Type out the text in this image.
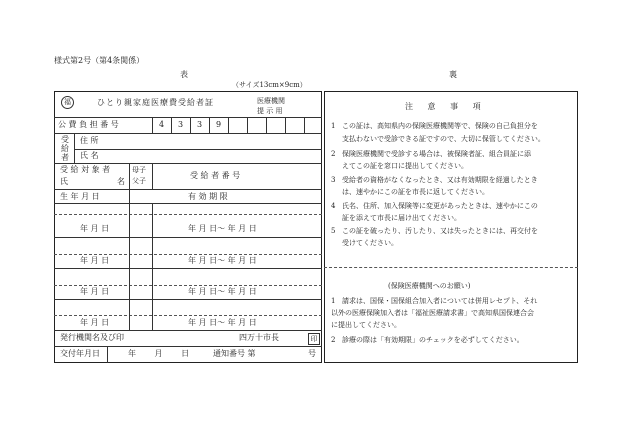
様式第2号（第4条関係）
表	裏
（サイズ13cm×9cm）
福	ひとり親家庭医療費受給者証	医療機関
提 示 用
公 費 負 担 番 号	4 3 3 9
受給者
住 所
氏 名
受 給 対 象 者
氏	名
母子
父子
受 給 者 番 号
生 年 月 日	有 効 期 限
年 月 日	年 月 日〜 年 月 日
年 月 日	年 月 日〜 年 月 日
年 月 日	年 月 日〜 年 月 日
年 月 日	年 月 日〜 年 月 日
発行機関名及び印	四万十市長	印
交付年月日	年 月 日 通知番号 第	号
注 意 事 項
1 この証は、高知県内の保険医療機関等で、保険の自己負担分を
支払わないで受診できる証ですので、大切に保管してください。
2 保険医療機関で受診する場合は、被保険者証、組合員証に添
えてこの証を窓口に提出してください。
3 受給者の資格がなくなったとき、又は有効期限を経過したとき
は、速やかにこの証を市長に返してください。
4 氏名、住所、加入保険等に変更があったときは、速やかにこの
証を添えて市長に届け出てください。
5 この証を破ったり、汚したり、又は失ったときには、再交付を
受けてください。
(保険医療機関へのお願い)
1 請求は、国保・国保組合加入者については併用レセプト、それ
以外の医療保険加入者は「福祉医療請求書」で高知県国保連合会
に提出してください。
2 診療の際は「有効期限」のチェックを必ずしてください。
